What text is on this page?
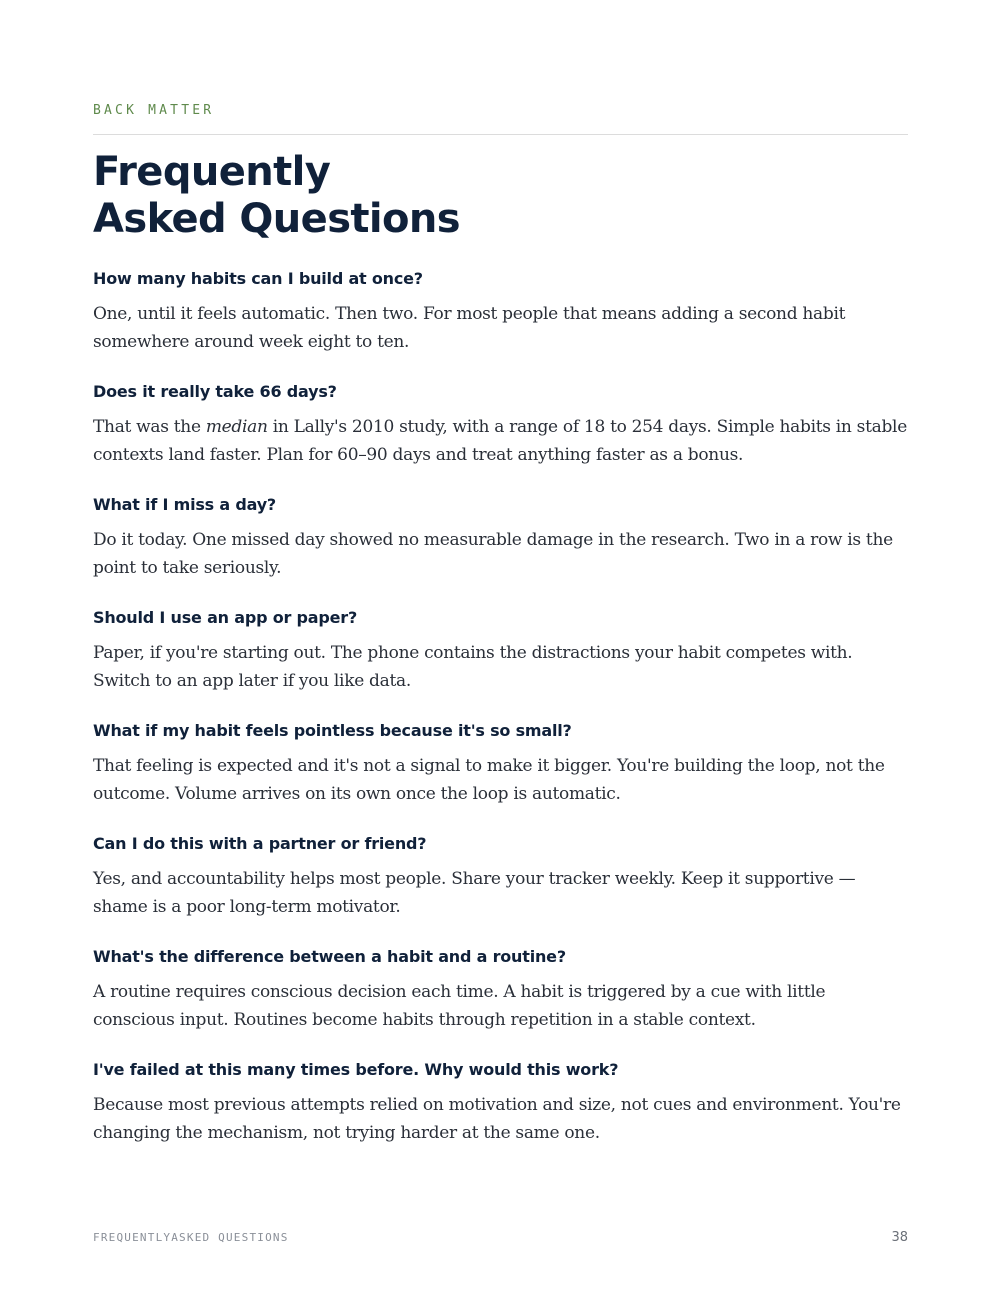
BACK MATTER
Frequently
Asked Questions
How many habits can I build at once?

One, until it feels automatic. Then two. For most people that means adding a second habit somewhere around week eight to ten.

Does it really take 66 days?

That was the median in Lally's 2010 study, with a range of 18 to 254 days. Simple habits in stable contexts land faster. Plan for 60–90 days and treat anything faster as a bonus.

What if I miss a day?

Do it today. One missed day showed no measurable damage in the research. Two in a row is the point to take seriously.

Should I use an app or paper?

Paper, if you're starting out. The phone contains the distractions your habit competes with. Switch to an app later if you like data.

What if my habit feels pointless because it's so small?

That feeling is expected and it's not a signal to make it bigger. You're building the loop, not the outcome. Volume arrives on its own once the loop is automatic.

Can I do this with a partner or friend?

Yes, and accountability helps most people. Share your tracker weekly. Keep it supportive — shame is a poor long-term motivator.

What's the difference between a habit and a routine?

A routine requires conscious decision each time. A habit is triggered by a cue with little conscious input. Routines become habits through repetition in a stable context.

I've failed at this many times before. Why would this work?

Because most previous attempts relied on motivation and size, not cues and environment. You're changing the mechanism, not trying harder at the same one.

FREQUENTLYASKED QUESTIONS	38
